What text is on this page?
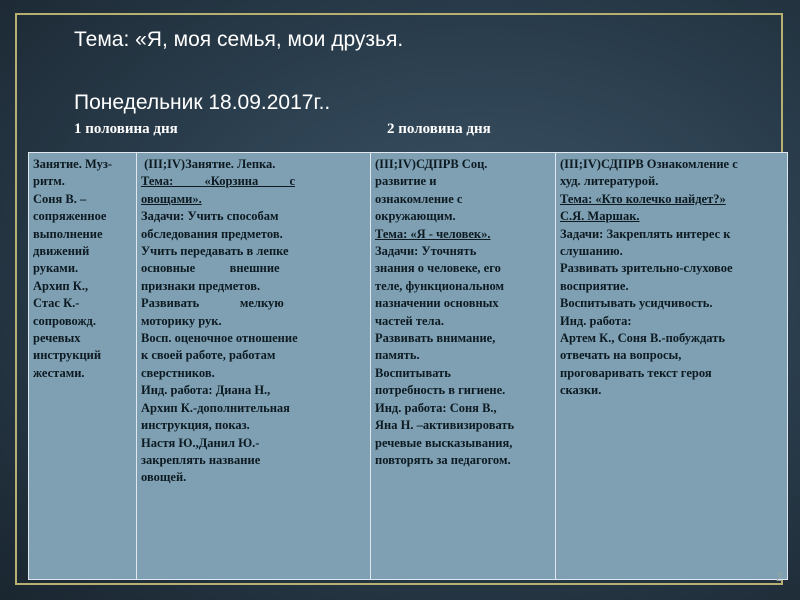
Тема: «Я, моя семья, мои друзья.
Понедельник 18.09.2017г..
1 половина дня	2 половина дня

Занятие. Муз-

ритм.

Соня В. –

сопряженное

выполнение

движений

руками.

Архип К.,

Стас К.-

сопровожд.

речевых

инструкций

жестами.

(III;IV)Занятие. Лепка.

Тема:          «Корзина          с

овощами».

Задачи: Учить способам

обследования предметов.

Учить передавать в лепке

основные           внешние

признаки предметов.

Развивать             мелкую

моторику рук.

Восп. оценочное отношение

к своей работе, работам

сверстников.

Инд. работа: Диана Н.,

Архип К.-дополнительная

инструкция, показ.

Настя Ю.,Данил Ю.-

закреплять название

овощей.

(III;IV)СДПРВ Соц.

развитие и

ознакомление с

окружающим.

Тема: «Я - человек».

Задачи: Уточнять

знания о человеке, его

теле, функциональном

назначении основных

частей тела.

Развивать внимание,

память.

Воспитывать

потребность в гигиене.

Инд. работа: Соня В.,

Яна Н. –активизировать

речевые высказывания,

повторять за педагогом.

(III;IV)СДПРВ Ознакомление с

худ. литературой.

Тема: «Кто колечко найдет?»

С.Я. Маршак.

Задачи: Закреплять интерес к

слушанию.

Развивать зрительно-слуховое

восприятие.

Воспитывать усидчивость.

Инд. работа:

Артем К., Соня В.-побуждать

отвечать на вопросы,

проговаривать текст героя

сказки.

2
